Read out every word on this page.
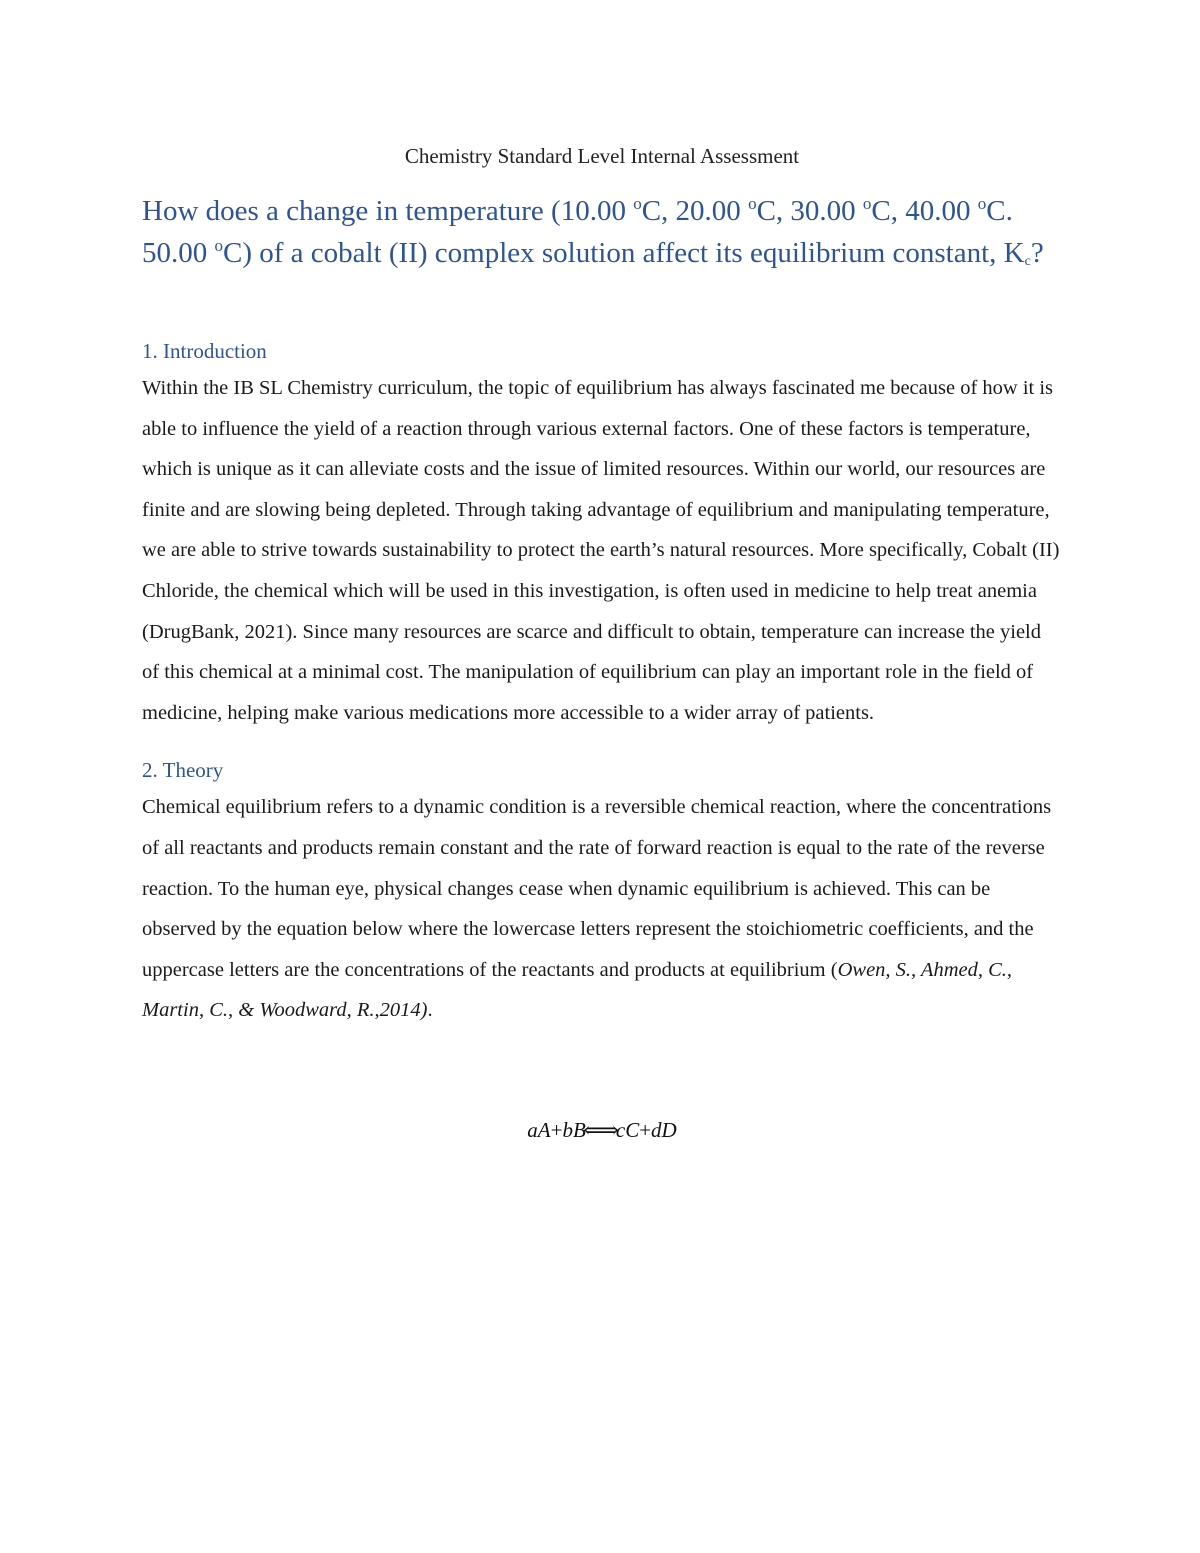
Chemistry Standard Level Internal Assessment
How does a change in temperature (10.00 $^o$C, 20.00 $^o$C, 30.00 $^o$C, 40.00 $^o$C. 50.00 $^o$C) of a cobalt (II) complex solution affect its equilibrium constant, $K_c$?
1. Introduction

Within the IB SL Chemistry curriculum, the topic of equilibrium has always fascinated me because of how it is able to influence the yield of a reaction through various external factors. One of these factors is temperature, which is unique as it can alleviate costs and the issue of limited resources. Within our world, our resources are finite and are slowing being depleted. Through taking advantage of equilibrium and manipulating temperature, we are able to strive towards sustainability to protect the earth’s natural resources. More specifically, Cobalt (II) Chloride, the chemical which will be used in this investigation, is often used in medicine to help treat anemia (DrugBank, 2021). Since many resources are scarce and difficult to obtain, temperature can increase the yield of this chemical at a minimal cost. The manipulation of equilibrium can play an important role in the field of medicine, helping make various medications more accessible to a wider array of patients.

2. Theory

Chemical equilibrium refers to a dynamic condition is a reversible chemical reaction, where the concentrations of all reactants and products remain constant and the rate of forward reaction is equal to the rate of the reverse reaction. To the human eye, physical changes cease when dynamic equilibrium is achieved. This can be observed by the equation below where the lowercase letters represent the stoichiometric coefficients, and the uppercase letters are the concentrations of the reactants and products at equilibrium (Owen, S., Ahmed, C., Martin, C., & Woodward, R.,2014).

aA+bB⟺cC+dD
